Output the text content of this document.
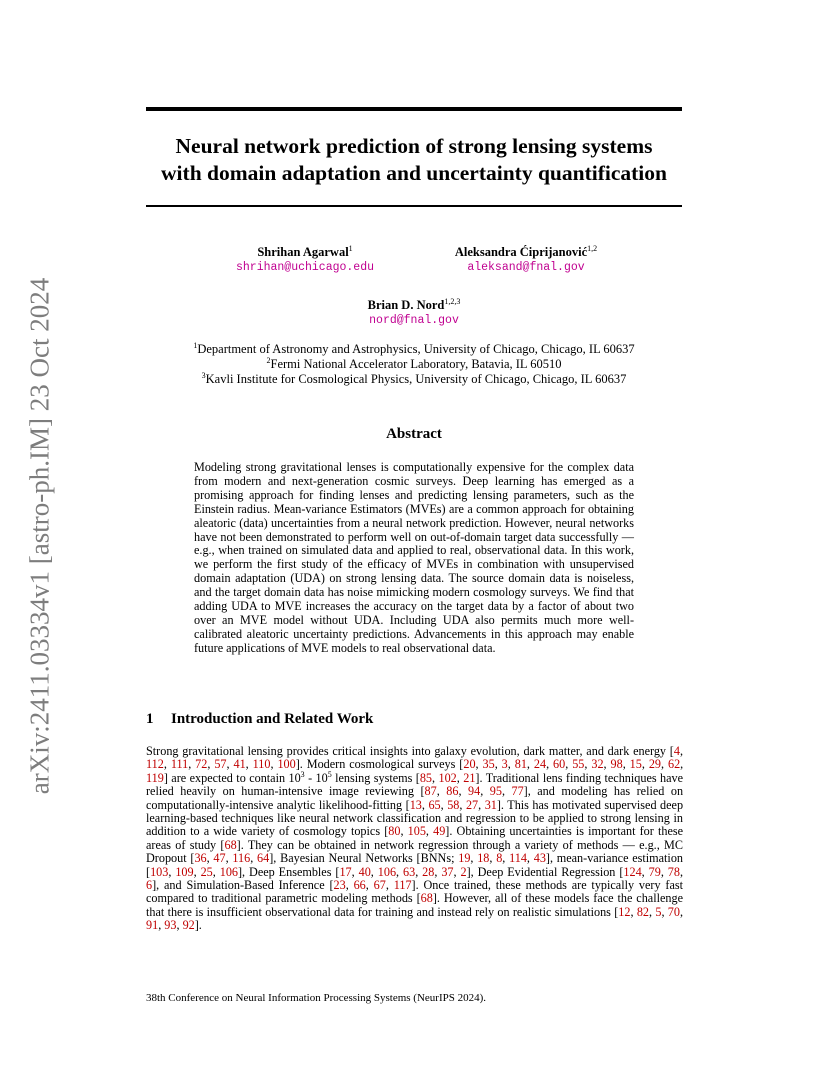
arXiv:2411.03334v1 [astro-ph.IM] 23 Oct 2024
Neural network prediction of strong lensing systems
with domain adaptation and uncertainty quantification
Shrihan Agarwal$^1$
shrihan@uchicago.edu
Aleksandra Ćiprijanović$^{1,2}$
aleksand@fnal.gov
Brian D. Nord$^{1,2,3}$
nord@fnal.gov
$^1$Department of Astronomy and Astrophysics, University of Chicago, Chicago, IL 60637
$^2$Fermi National Accelerator Laboratory, Batavia, IL 60510
$^3$Kavli Institute for Cosmological Physics, University of Chicago, Chicago, IL 60637
Abstract

Modeling strong gravitational lenses is computationally expensive for the complex data from modern and next-generation cosmic surveys. Deep learning has emerged as a promising approach for finding lenses and predicting lensing parameters, such as the Einstein radius. Mean-variance Estimators (MVEs) are a common approach for obtaining aleatoric (data) uncertainties from a neural network prediction. However, neural networks have not been demonstrated to perform well on out-of-domain target data successfully — e.g., when trained on simulated data and applied to real, observational data. In this work, we perform the first study of the efficacy of MVEs in combination with unsupervised domain adaptation (UDA) on strong lensing data. The source domain data is noiseless, and the target domain data has noise mimicking modern cosmology surveys. We find that adding UDA to MVE increases the accuracy on the target data by a factor of about two over an MVE model without UDA. Including UDA also permits much more well-calibrated aleatoric uncertainty predictions. Advancements in this approach may enable future applications of MVE models to real observational data.

1 Introduction and Related Work

Strong gravitational lensing provides critical insights into galaxy evolution, dark matter, and dark energy [4, 112, 111, 72, 57, 41, 110, 100]. Modern cosmological surveys [20, 35, 3, 81, 24, 60, 55, 32, 98, 15, 29, 62, 119] are expected to contain $10^3 - 10^5$ lensing systems [85, 102, 21]. Traditional lens finding techniques have relied heavily on human-intensive image reviewing [87, 86, 94, 95, 77], and modeling has relied on computationally-intensive analytic likelihood-fitting [13, 65, 58, 27, 31]. This has motivated supervised deep learning-based techniques like neural network classification and regression to be applied to strong lensing in addition to a wide variety of cosmology topics [80, 105, 49]. Obtaining uncertainties is important for these areas of study [68]. They can be obtained in network regression through a variety of methods — e.g., MC Dropout [36, 47, 116, 64], Bayesian Neural Networks [BNNs; 19, 18, 8, 114, 43], mean-variance estimation [103, 109, 25, 106], Deep Ensembles [17, 40, 106, 63, 28, 37, 2], Deep Evidential Regression [124, 79, 78, 6], and Simulation-Based Inference [23, 66, 67, 117]. Once trained, these methods are typically very fast compared to traditional parametric modeling methods [68]. However, all of these models face the challenge that there is insufficient observational data for training and instead rely on realistic simulations [12, 82, 5, 70, 91, 93, 92].

38th Conference on Neural Information Processing Systems (NeurIPS 2024).
